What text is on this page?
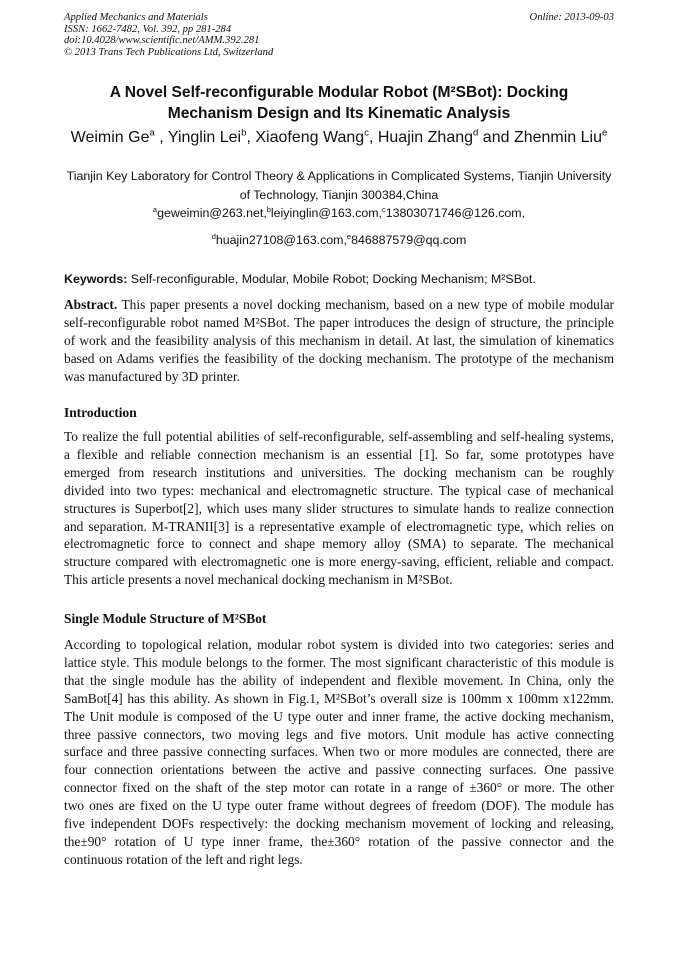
Applied Mechanics and Materials
ISSN: 1662-7482, Vol. 392, pp 281-284
doi:10.4028/www.scientific.net/AMM.392.281
© 2013 Trans Tech Publications Ltd, Switzerland
Online: 2013-09-03
A Novel Self-reconfigurable Modular Robot (M²SBot): Docking
Mechanism Design and Its Kinematic Analysis
Weimin Ge$^a$ , Yinglin Lei$^b$, Xiaofeng Wang$^c$, Huajin Zhang$^d$ and Zhenmin Liu$^e$
Tianjin Key Laboratory for Control Theory & Applications in Complicated Systems, Tianjin University
of Technology, Tianjin 300384,China
$^a$geweimin@263.net,$^b$leiyinglin@163.com,$^c$13803071746@126.com,
$^d$huajin27108@163.com,$^e$846887579@qq.com
Keywords: Self-reconfigurable, Modular, Mobile Robot; Docking Mechanism; M²SBot.
Abstract. This paper presents a novel docking mechanism, based on a new type of mobile modular
self-reconfigurable robot named M²SBot. The paper introduces the design of structure, the principle
of work and the feasibility analysis of this mechanism in detail. At last, the simulation of kinematics
based on Adams verifies the feasibility of the docking mechanism. The prototype of the mechanism
was manufactured by 3D printer.
Introduction
To realize the full potential abilities of self-reconfigurable, self-assembling and self-healing systems,
a flexible and reliable connection mechanism is an essential [1]. So far, some prototypes have
emerged from research institutions and universities. The docking mechanism can be roughly
divided into two types: mechanical and electromagnetic structure. The typical case of mechanical
structures is Superbot[2], which uses many slider structures to simulate hands to realize connection
and separation. M-TRANII[3] is a representative example of electromagnetic type, which relies on
electromagnetic force to connect and shape memory alloy (SMA) to separate. The mechanical
structure compared with electromagnetic one is more energy-saving, efficient, reliable and compact.
This article presents a novel mechanical docking mechanism in M²SBot.
Single Module Structure of M²SBot
According to topological relation, modular robot system is divided into two categories: series and
lattice style. This module belongs to the former. The most significant characteristic of this module is
that the single module has the ability of independent and flexible movement. In China, only the
SamBot[4] has this ability. As shown in Fig.1, M²SBot’s overall size is 100mm x 100mm x122mm.
The Unit module is composed of the U type outer and inner frame, the active docking mechanism,
three passive connectors, two moving legs and five motors. Unit module has active connecting
surface and three passive connecting surfaces. When two or more modules are connected, there are
four connection orientations between the active and passive connecting surfaces. One passive
connector fixed on the shaft of the step motor can rotate in a range of ±360° or more. The other
two ones are fixed on the U type outer frame without degrees of freedom (DOF). The module has
five independent DOFs respectively: the docking mechanism movement of locking and releasing,
the±90° rotation of U type inner frame, the±360° rotation of the passive connector and the
continuous rotation of the left and right legs.
